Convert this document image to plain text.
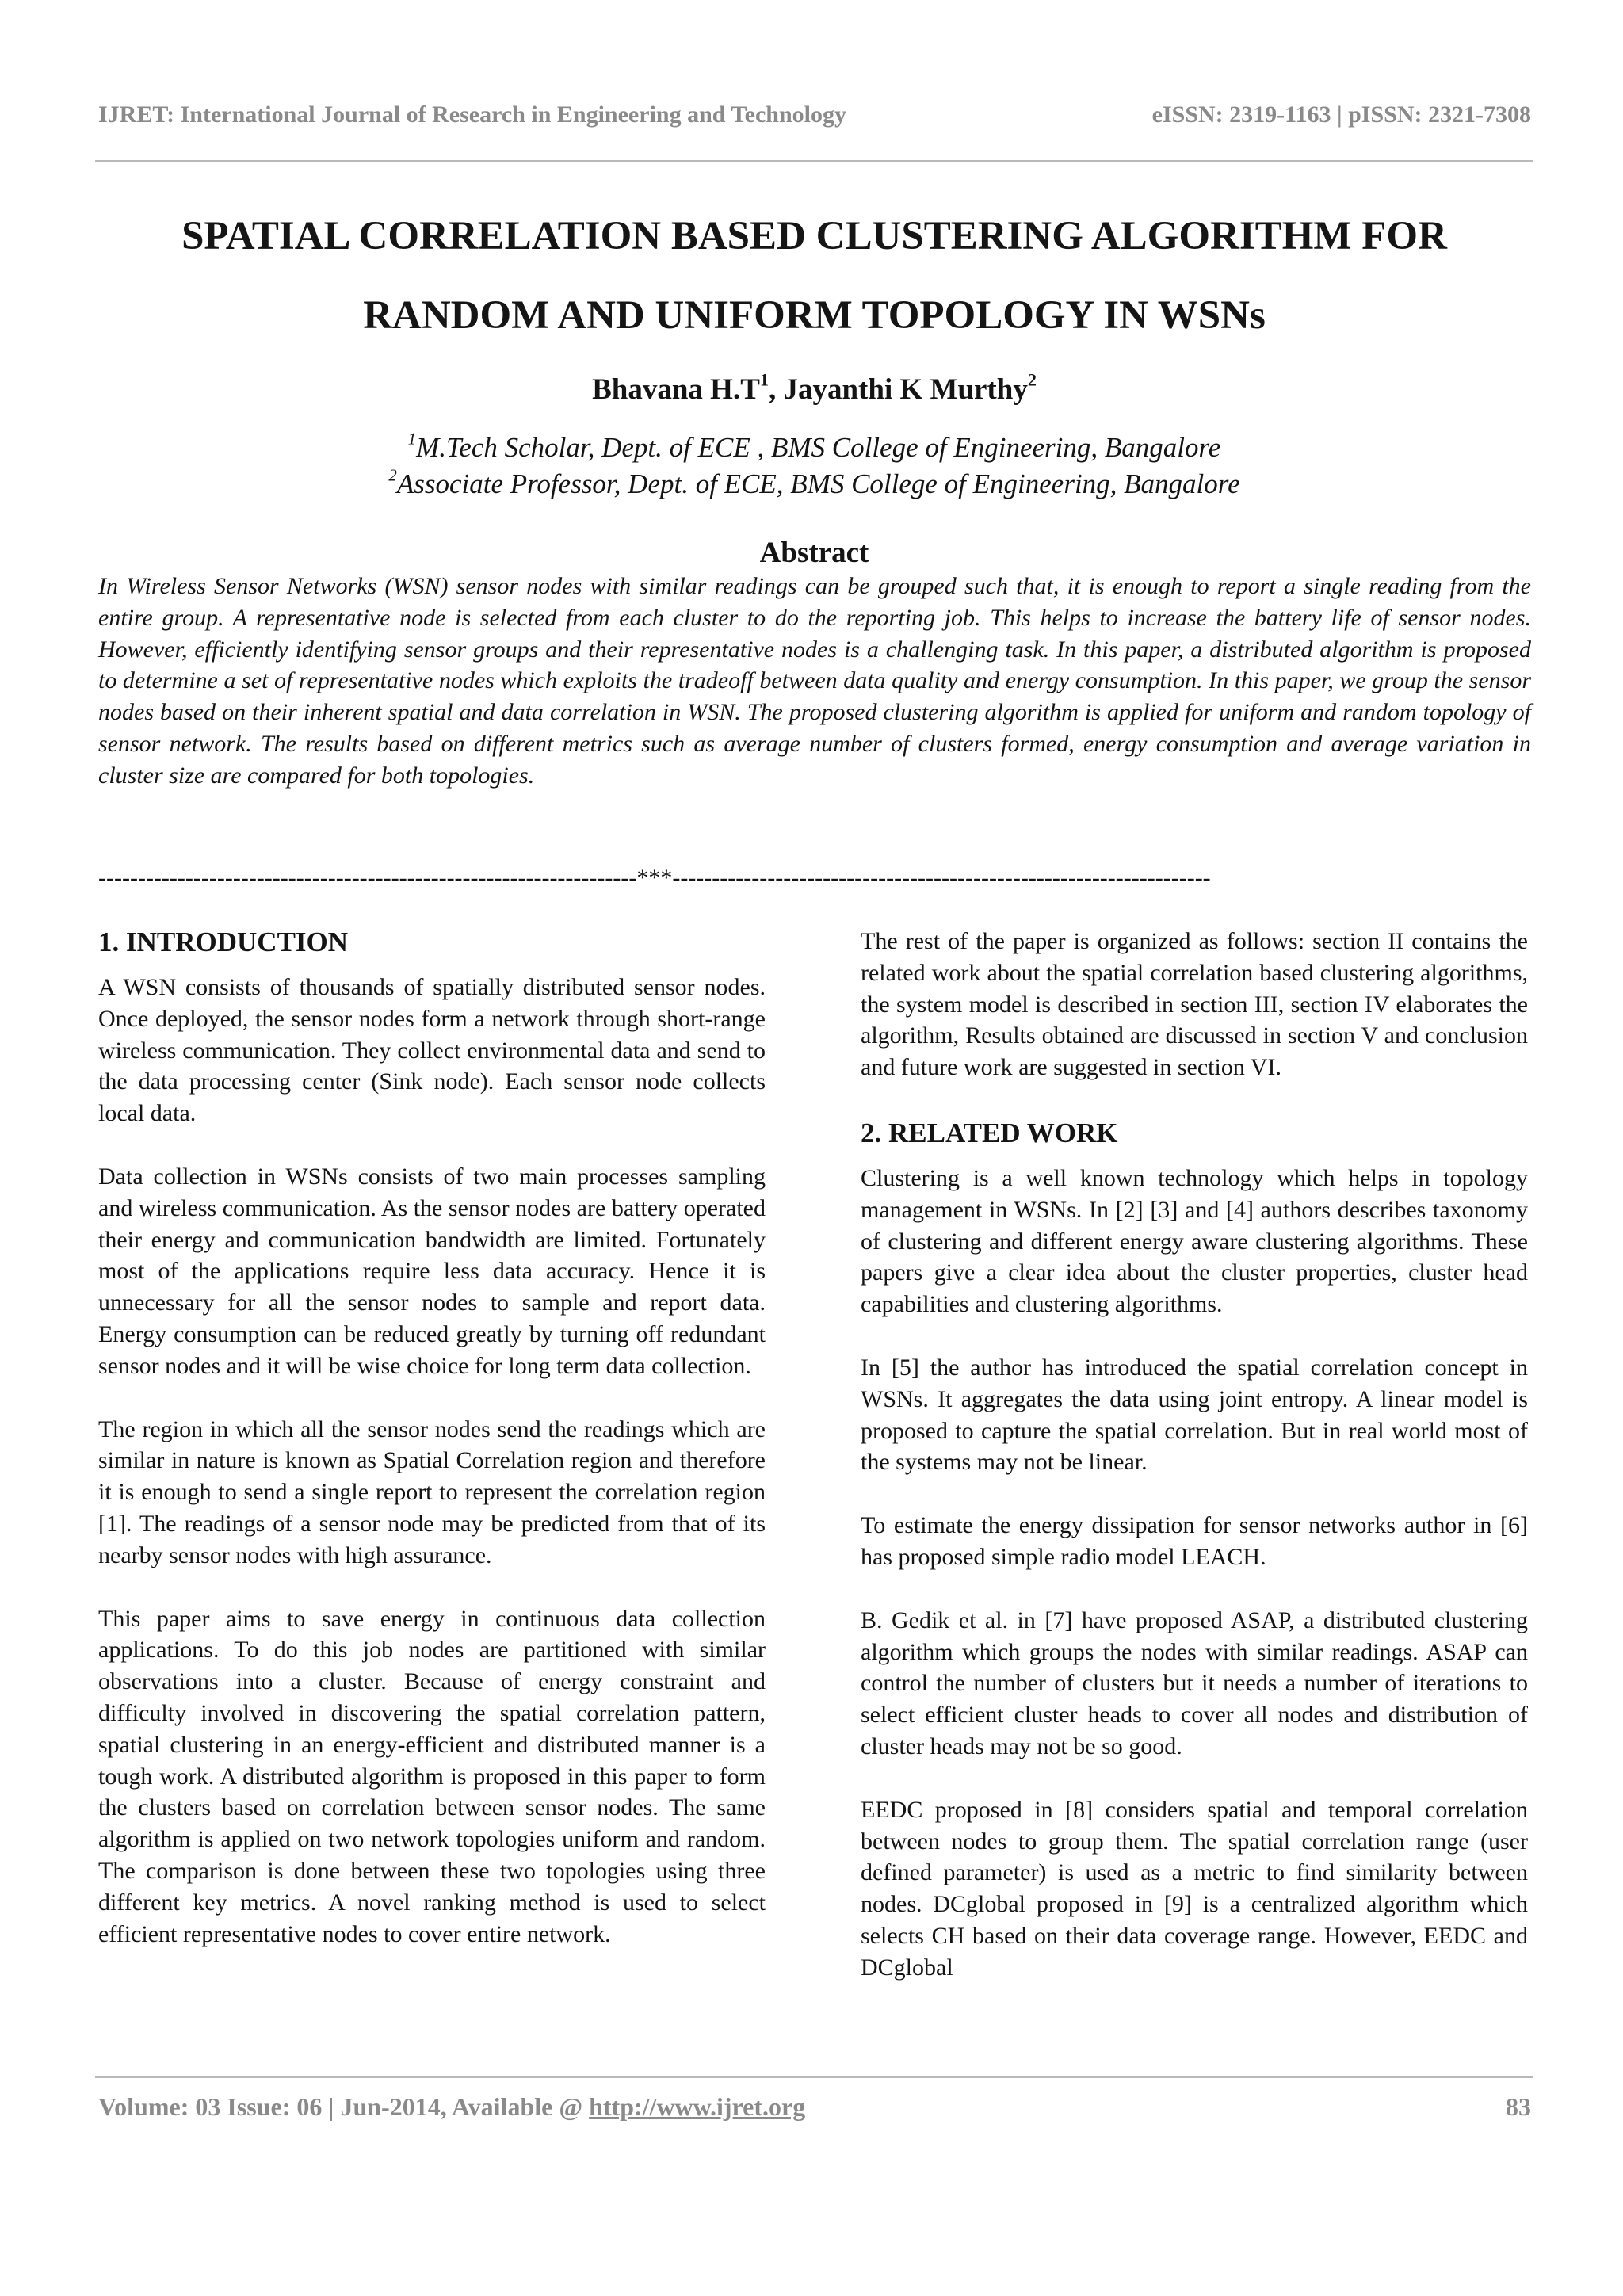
IJRET: International Journal of Research in Engineering and Technology	eISSN: 2319-1163 | pISSN: 2321-7308
SPATIAL CORRELATION BASED CLUSTERING ALGORITHM FOR
RANDOM AND UNIFORM TOPOLOGY IN WSNs
Bhavana $H.T^1$, Jayanthi K Murthy$^2$
$^1$M.Tech Scholar, Dept. of ECE , BMS College of Engineering, Bangalore
$^2$Associate Professor, Dept. of ECE, BMS College of Engineering, Bangalore
Abstract
In Wireless Sensor Networks (WSN) sensor nodes with similar readings can be grouped such that, it is enough to report a single reading from the entire group. A representative node is selected from each cluster to do the reporting job. This helps to increase the battery life of sensor nodes. However, efficiently identifying sensor groups and their representative nodes is a challenging task. In this paper, a distributed algorithm is proposed to determine a set of representative nodes which exploits the tradeoff between data quality and energy consumption. In this paper, we group the sensor nodes based on their inherent spatial and data correlation in WSN. The proposed clustering algorithm is applied for uniform and random topology of sensor network. The results based on different metrics such as average number of clusters formed, energy consumption and average variation in cluster size are compared for both topologies.
--------------------------------------------------------------------***--------------------------------------------------------------------
1. INTRODUCTION

A WSN consists of thousands of spatially distributed sensor nodes. Once deployed, the sensor nodes form a network through short-range wireless communication. They collect environmental data and send to the data processing center (Sink node). Each sensor node collects local data.

Data collection in WSNs consists of two main processes sampling and wireless communication. As the sensor nodes are battery operated their energy and communication bandwidth are limited. Fortunately most of the applications require less data accuracy. Hence it is unnecessary for all the sensor nodes to sample and report data. Energy consumption can be reduced greatly by turning off redundant sensor nodes and it will be wise choice for long term data collection.

The region in which all the sensor nodes send the readings which are similar in nature is known as Spatial Correlation region and therefore it is enough to send a single report to represent the correlation region [1]. The readings of a sensor node may be predicted from that of its nearby sensor nodes with high assurance.

This paper aims to save energy in continuous data collection applications. To do this job nodes are partitioned with similar observations into a cluster. Because of energy constraint and difficulty involved in discovering the spatial correlation pattern, spatial clustering in an energy-efficient and distributed manner is a tough work. A distributed algorithm is proposed in this paper to form the clusters based on correlation between sensor nodes. The same algorithm is applied on two network topologies uniform and random. The comparison is done between these two topologies using three different key metrics. A novel ranking method is used to select efficient representative nodes to cover entire network.

The rest of the paper is organized as follows: section II contains the related work about the spatial correlation based clustering algorithms, the system model is described in section III, section IV elaborates the algorithm, Results obtained are discussed in section V and conclusion and future work are suggested in section VI.

2. RELATED WORK

Clustering is a well known technology which helps in topology management in WSNs. In [2] [3] and [4] authors describes taxonomy of clustering and different energy aware clustering algorithms. These papers give a clear idea about the cluster properties, cluster head capabilities and clustering algorithms.

In [5] the author has introduced the spatial correlation concept in WSNs. It aggregates the data using joint entropy. A linear model is proposed to capture the spatial correlation. But in real world most of the systems may not be linear.

To estimate the energy dissipation for sensor networks author in [6] has proposed simple radio model LEACH.

B. Gedik et al. in [7] have proposed ASAP, a distributed clustering algorithm which groups the nodes with similar readings. ASAP can control the number of clusters but it needs a number of iterations to select efficient cluster heads to cover all nodes and distribution of cluster heads may not be so good.

EEDC proposed in [8] considers spatial and temporal correlation between nodes to group them. The spatial correlation range (user defined parameter) is used as a metric to find similarity between nodes. DCglobal proposed in [9] is a centralized algorithm which selects CH based on their data coverage range. However, EEDC and DCglobal

Volume: 03 Issue: 06 | Jun-2014, Available @ http://www.ijret.org	83
